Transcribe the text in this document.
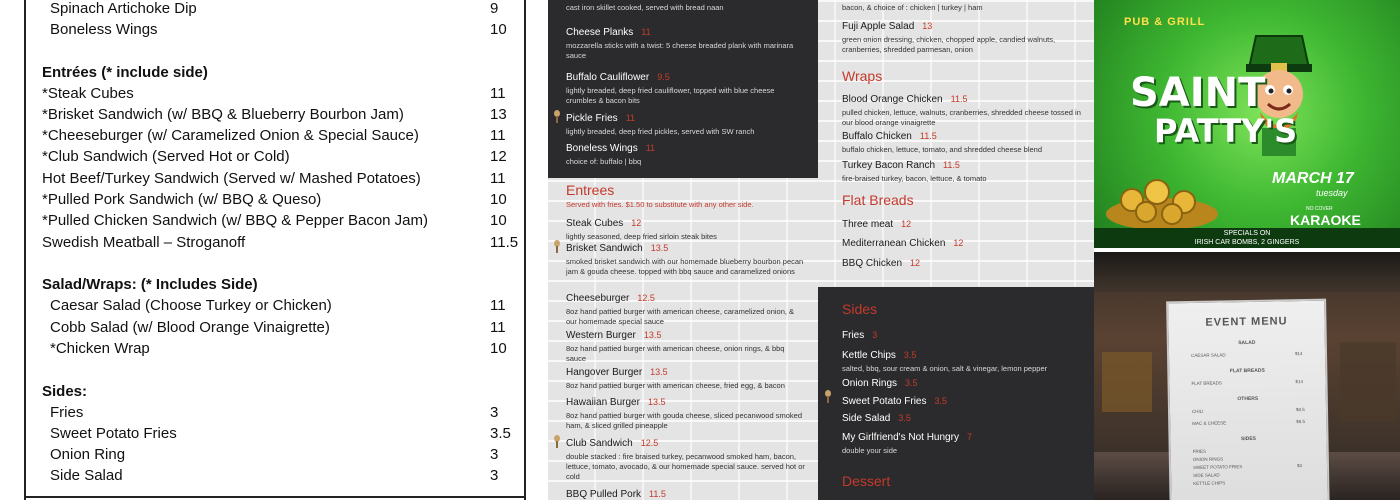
Spinach Artichoke Dip	9
Boneless Wings	10
Entrées (* include side)
*Steak Cubes	11
*Brisket Sandwich (w/ BBQ & Blueberry Bourbon Jam)	13
*Cheeseburger (w/ Caramelized Onion & Special Sauce)	11
*Club Sandwich (Served Hot or Cold)	12
Hot Beef/Turkey Sandwich (Served w/ Mashed Potatoes)	11
*Pulled Pork Sandwich (w/ BBQ & Queso)	10
*Pulled Chicken Sandwich (w/ BBQ & Pepper Bacon Jam)	10
Swedish Meatball – Stroganoff	11.5
Salad/Wraps: (* Includes Side)
Caesar Salad (Choose Turkey or Chicken)	11
Cobb Salad (w/ Blood Orange Vinaigrette)	11
*Chicken Wrap	10
Sides:
Fries	3
Sweet Potato Fries	3.5
Onion Ring	3
Side Salad	3
cast iron skillet cooked, served with bread naan
Cheese Planks 11
mozzarella sticks with a twist: 5 cheese breaded plank with marinara sauce
Buffalo Cauliflower 9.5
lightly breaded, deep fried cauliflower, topped with blue cheese crumbles & bacon bits
Pickle Fries 11
lightly breaded, deep fried pickles, served with SW ranch
Boneless Wings 11
choice of: buffalo | bbq
Entrees
Served with fries. $1.50 to substitute with any other side.
Steak Cubes 12
lightly seasoned, deep fried sirloin steak bites
Brisket Sandwich 13.5
smoked brisket sandwich with our homemade blueberry bourbon pecan jam & gouda cheese. topped with bbq sauce and caramelized onions
Cheeseburger 12.5
8oz hand pattied burger with american cheese, caramelized onion, & our homemade special sauce
Western Burger 13.5
8oz hand pattied burger with american cheese, onion rings, & bbq sauce
Hangover Burger 13.5
8oz hand pattied burger with american cheese, fried egg, & bacon
Hawaiian Burger 13.5
8oz hand pattied burger with gouda cheese, sliced pecanwood smoked ham, & sliced grilled pineapple
Club Sandwich 12.5
double stacked : fire braised turkey, pecanwood smoked ham, bacon, lettuce, tomato, avocado, & our homemade special sauce. served hot or cold
BBQ Pulled Pork 11.5
bacon, & choice of : chicken | turkey | ham
Fuji Apple Salad 13
green onion dressing, chicken, chopped apple, candied walnuts, cranberries, shredded parmesan, onion
Wraps
Blood Orange Chicken 11.5
pulled chicken, lettuce, walnuts, cranberries, shredded cheese tossed in our blood orange vinaigrette
Buffalo Chicken 11.5
buffalo chicken, lettuce, tomato, and shredded cheese blend
Turkey Bacon Ranch 11.5
fire-braised turkey, bacon, lettuce, & tomato
Flat Breads
Three meat 12
Mediterranean Chicken 12
BBQ Chicken 12
Sides
Fries 3
Kettle Chips 3.5
salted, bbq, sour cream & onion, salt & vinegar, lemon pepper
Onion Rings 3.5
Sweet Potato Fries 3.5
Side Salad 3.5
My Girlfriend's Not Hungry 7
double your side
Dessert
PUB & GRILL
SAINT
PATTY'S
MARCH 17
tuesday
NO COVER
KARAOKE
SPECIALS ON
IRISH CAR BOMBS, 2 GINGERS
EVENT MENU
SALAD
CAESAR SALAD	$14
FLAT BREADS
FLAT BREADS	$14
OTHERS
CHILI	$8.5
MAC & CHEESE	$8.5
SIDES
FRIES
ONION RINGS
SWEET POTATO FRIES	$3
SIDE SALAD
KETTLE CHIPS
